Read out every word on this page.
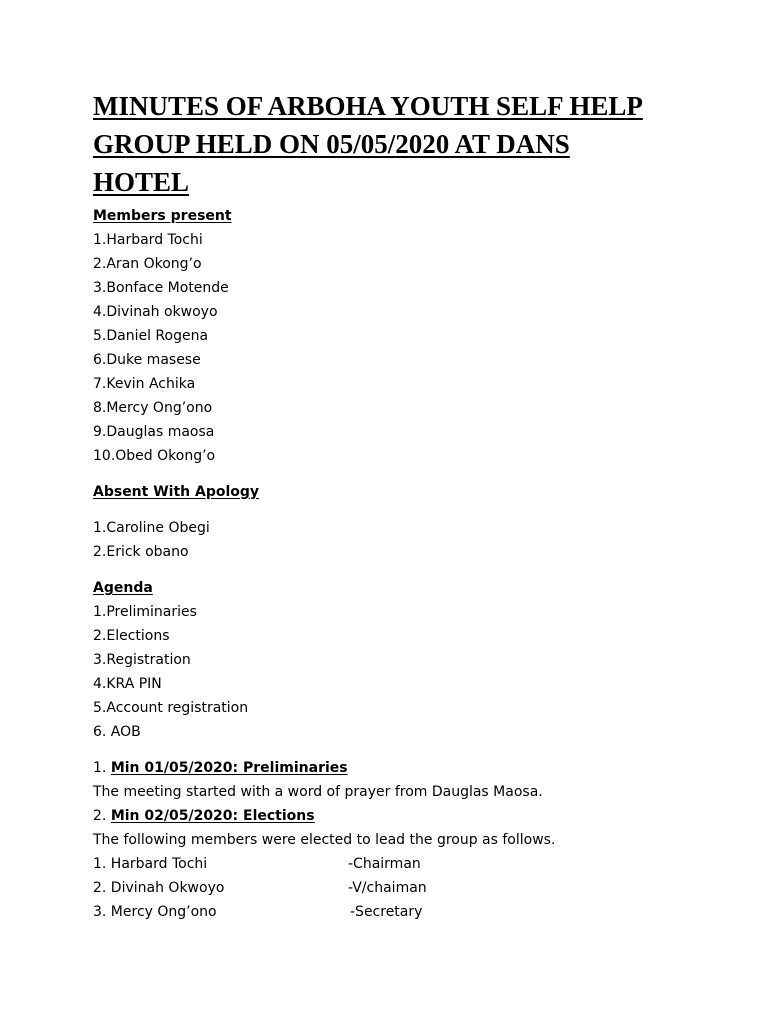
MINUTES OF ARBOHA YOUTH SELF HELP GROUP HELD ON 05/05/2020 AT DANS HOTEL
Members present
1.Harbard Tochi
2.Aran Okong’o
3.Bonface Motende
4.Divinah okwoyo
5.Daniel Rogena
6.Duke masese
7.Kevin Achika
8.Mercy Ong’ono
9.Dauglas maosa
10.Obed Okong’o
Absent With Apology
1.Caroline Obegi
2.Erick obano
Agenda
1.Preliminaries
2.Elections
3.Registration
4.KRA PIN
5.Account registration
6. AOB
1. Min 01/05/2020: Preliminaries
The meeting started with a word of prayer from Dauglas Maosa.
2. Min 02/05/2020: Elections
The following members were elected to lead the group as follows.
1. Harbard Tochi	-Chairman
2. Divinah Okwoyo	-V/chaiman
3. Mercy Ong’ono	-Secretary
